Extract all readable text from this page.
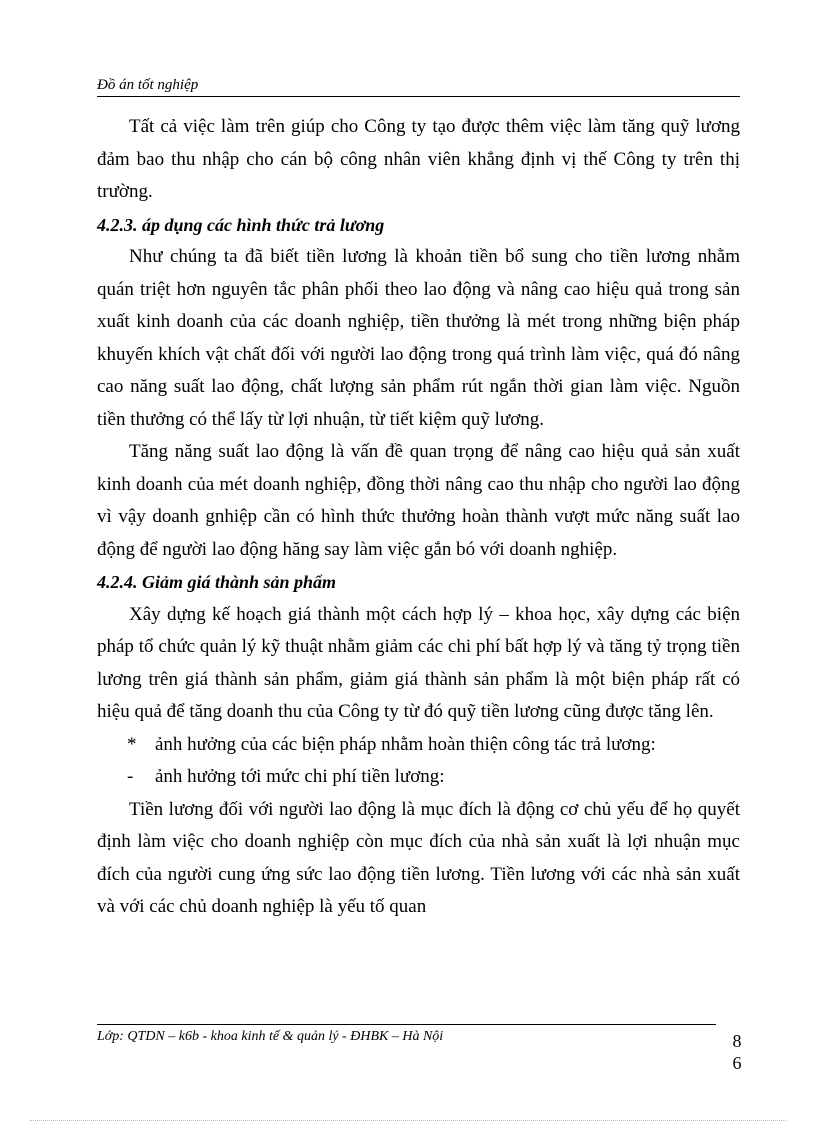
Đồ án tốt nghiệp

Tất cả việc làm trên giúp cho Công ty tạo được thêm việc làm tăng quỹ lương đảm bao thu nhập cho cán bộ công nhân viên khẳng định vị thế Công ty trên thị trường.

4.2.3. áp dụng các hình thức trả lương

Như chúng ta đã biết tiền lương là khoản tiền bổ sung cho tiền lương nhằm quán triệt hơn nguyên tắc phân phối theo lao động và nâng cao hiệu quả trong sản xuất kinh doanh của các doanh nghiệp, tiền thưởng là mét trong những biện pháp khuyến khích vật chất đối với người lao động trong quá trình làm việc, quá đó nâng cao năng suất lao động, chất lượng sản phẩm rút ngắn thời gian làm việc. Nguồn tiền thưởng có thể lấy từ lợi nhuận, từ tiết kiệm quỹ lương.

Tăng năng suất lao động là vấn đề quan trọng để nâng cao hiệu quả sản xuất kinh doanh của mét doanh nghiệp, đồng thời nâng cao thu nhập cho người lao động vì vậy doanh gnhiệp cần có hình thức thưởng hoàn thành vượt mức năng suất lao động để người lao động hăng say làm việc gắn bó với doanh nghiệp.

4.2.4. Giảm giá thành sản phẩm

Xây dựng kế hoạch giá thành một cách hợp lý – khoa học, xây dựng các biện pháp tổ chức quản lý kỹ thuật nhằm giảm các chi phí bất hợp lý và tăng tỷ trọng tiền lương trên giá thành sản phẩm, giảm giá thành sản phẩm là một biện pháp rất có hiệu quả để tăng doanh thu của Công ty từ đó quỹ tiền lương cũng được tăng lên.

* ảnh hưởng của các biện pháp nhằm hoàn thiện công tác trả lương:
-	ảnh hưởng tới mức chi phí tiền lương:

Tiền lương đối với người lao động là mục đích là động cơ chủ yếu để họ quyết định làm việc cho doanh nghiệp còn mục đích của nhà sản xuất là lợi nhuận mục đích của người cung ứng sức lao động tiền lương. Tiền lương với các nhà sản xuất và với các chủ doanh nghiệp là yếu tố quan

Lớp: QTDN – k6b - khoa kinh tế & quản lý - ĐHBK – Hà Nội	8
6
